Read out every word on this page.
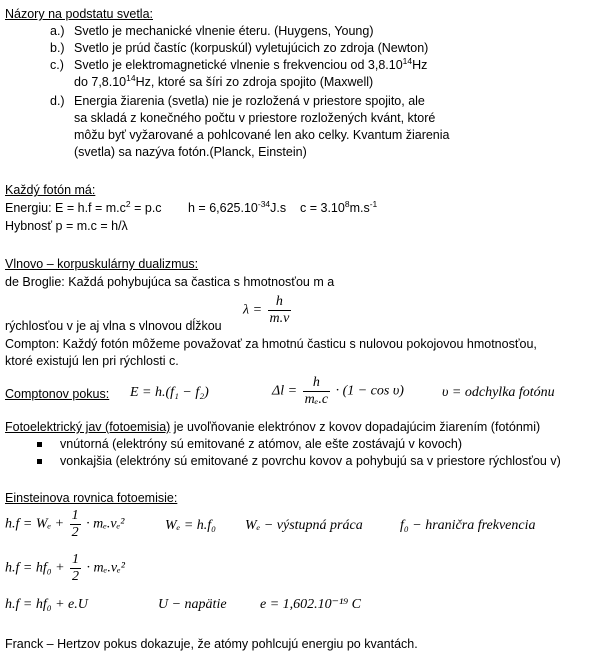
Názory na podstatu svetla:
a.) Svetlo je mechanické vlnenie éteru. (Huygens, Young)
b.) Svetlo je prúd častíc (korpuskúl) vyletujúcich zo zdroja (Newton)
c.) Svetlo je elektromagnetické vlnenie s frekvenciou od 3,8.10$^{14}$Hz
do 7,8.10$^{14}$Hz, ktoré sa šíri zo zdroja spojito (Maxwell)
d.) Energia žiarenia (svetla) nie je rozložená v priestore spojito, ale
sa skladá z konečného počtu v priestore rozložených kvánt, ktoré
môžu byť vyžarované a pohlcované len ako celky. Kvantum žiarenia
(svetla) sa nazýva fotón.(Planck, Einstein)
Každý fotón má:
Energiu: $E = h.f = m.c^2 = p.c$ $h = 6,625.10^{-34}J.s$ $c = 3.10^8m.s^{-1}$
Hybnosť p = m.c = h/λ
Vlnovo – korpuskulárny dualizmus:
de Broglie: Každá pohybujúca sa častica s hmotnosťou m a
rýchlosťou v je aj vlna s vlnovou dĺžkou
$\lambda = \frac{h}{m.v}$
Compton: Každý fotón môžeme považovať za hmotnú časticu s nulovou pokojovou hmotnosťou,
ktoré existujú len pri rýchlosti c.
Comptonov pokus: E = h.(f₁ − f₂)	$\Delta l = \frac{h}{\text{mₑ.c}} \cdot (1 - \cos \upsilon)$	υ = odchylka fotónu
Fotoelektrický jav (fotoemisia) je uvoľňovanie elektrónov z kovov dopadajúcim žiarením (fotónmi)
vnútorná (elektróny sú emitované z atómov, ale ešte zostávajú v kovoch)
vonkajšia (elektróny sú emitované z povrchu kovov a pohybujú sa v priestore rýchlosťou v)
Einsteinova rovnica fotoemisie:
$h.f = W_e + \frac{1}{2} \cdot m_e.v_e^2$	Wₑ = h.f₀ Wₑ − výstupná práca	f₀ − hraničra frekvencia
$h.f = hf_0 + \frac{1}{2} \cdot m_e.v_e^2$
h.f = hf₀ + e.U	U − napätie e = 1,602.10⁻¹⁹ C
Franck – Hertzov pokus dokazuje, že atómy pohlcujú energiu po kvantách.
